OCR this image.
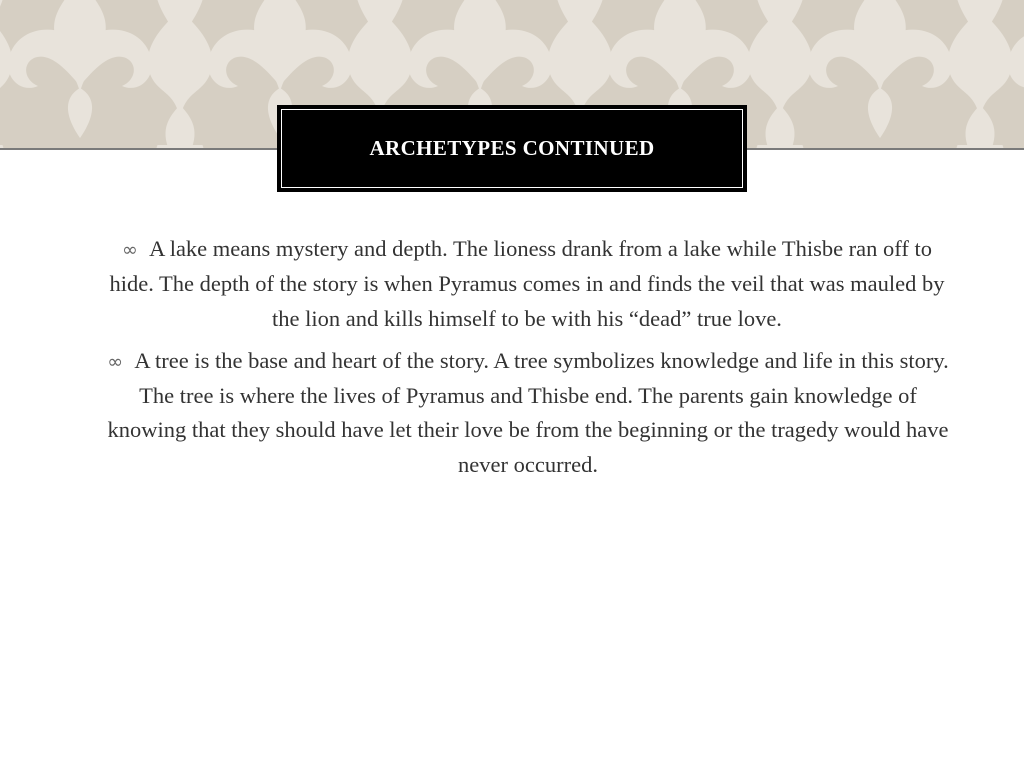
ARCHETYPES CONTINUED

∞ A lake means mystery and depth. The lioness drank from a lake while Thisbe ran off to hide. The depth of the story is when Pyramus comes in and finds the veil that was mauled by the lion and kills himself to be with his “dead” true love.

∞ A tree is the base and heart of the story. A tree symbolizes knowledge and life in this story. The tree is where the lives of Pyramus and Thisbe end. The parents gain knowledge of knowing that they should have let their love be from the beginning or the tragedy would have never occurred.
